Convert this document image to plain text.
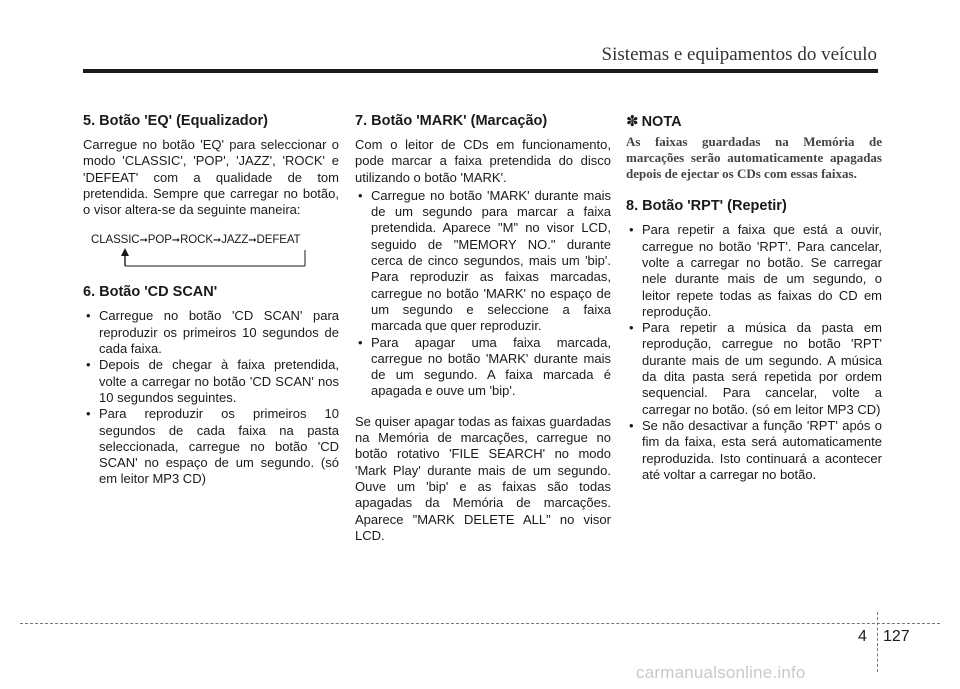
Sistemas e equipamentos do veículo
5. Botão 'EQ' (Equalizador)

Carregue no botão 'EQ' para seleccionar o modo 'CLASSIC', 'POP', 'JAZZ', 'ROCK' e 'DEFEAT' com a qualidade de tom pretendida. Sempre que carregar no botão, o visor altera-se da seguinte maneira:

CLASSIC➞POP➞ROCK➞JAZZ➞DEFEAT
6. Botão 'CD SCAN'
• Carregue no botão 'CD SCAN' para reproduzir os primeiros 10 segundos de cada faixa.
• Depois de chegar à faixa pretendida, volte a carregar no botão 'CD SCAN' nos 10 segundos seguintes.
• Para reproduzir os primeiros 10 segundos de cada faixa na pasta seleccionada, carregue no botão 'CD SCAN' no espaço de um segundo. (só em leitor MP3 CD)
7. Botão 'MARK' (Marcação)

Com o leitor de CDs em funcionamento, pode marcar a faixa pretendida do disco utilizando o botão 'MARK'.

• Carregue no botão 'MARK' durante mais de um segundo para marcar a faixa pretendida. Aparece "M" no visor LCD, seguido de "MEMORY NO." durante cerca de cinco segundos, mais um 'bip'. Para reproduzir as faixas marcadas, carregue no botão 'MARK' no espaço de um segundo e seleccione a faixa marcada que quer reproduzir.
• Para apagar uma faixa marcada, carregue no botão 'MARK' durante mais de um segundo. A faixa marcada é apagada e ouve um 'bip'.

Se quiser apagar todas as faixas guardadas na Memória de marcações, carregue no botão rotativo 'FILE SEARCH' no modo 'Mark Play' durante mais de um segundo. Ouve um 'bip' e as faixas são todas apagadas da Memória de marcações. Aparece "MARK DELETE ALL" no visor LCD.

✽ NOTA
As faixas guardadas na Memória de marcações serão automaticamente apagadas depois de ejectar os CDs com essas faixas.
8. Botão 'RPT' (Repetir)
• Para repetir a faixa que está a ouvir, carregue no botão 'RPT'. Para cancelar, volte a carregar no botão. Se carregar nele durante mais de um segundo, o leitor repete todas as faixas do CD em reprodução.
• Para repetir a música da pasta em reprodução, carregue no botão 'RPT' durante mais de um segundo. A música da dita pasta será repetida por ordem sequencial. Para cancelar, volte a carregar no botão. (só em leitor MP3 CD)
• Se não desactivar a função 'RPT' após o fim da faixa, esta será automaticamente reproduzida. Isto continuará a acontecer até voltar a carregar no botão.
4 127
carmanualsonline.info
